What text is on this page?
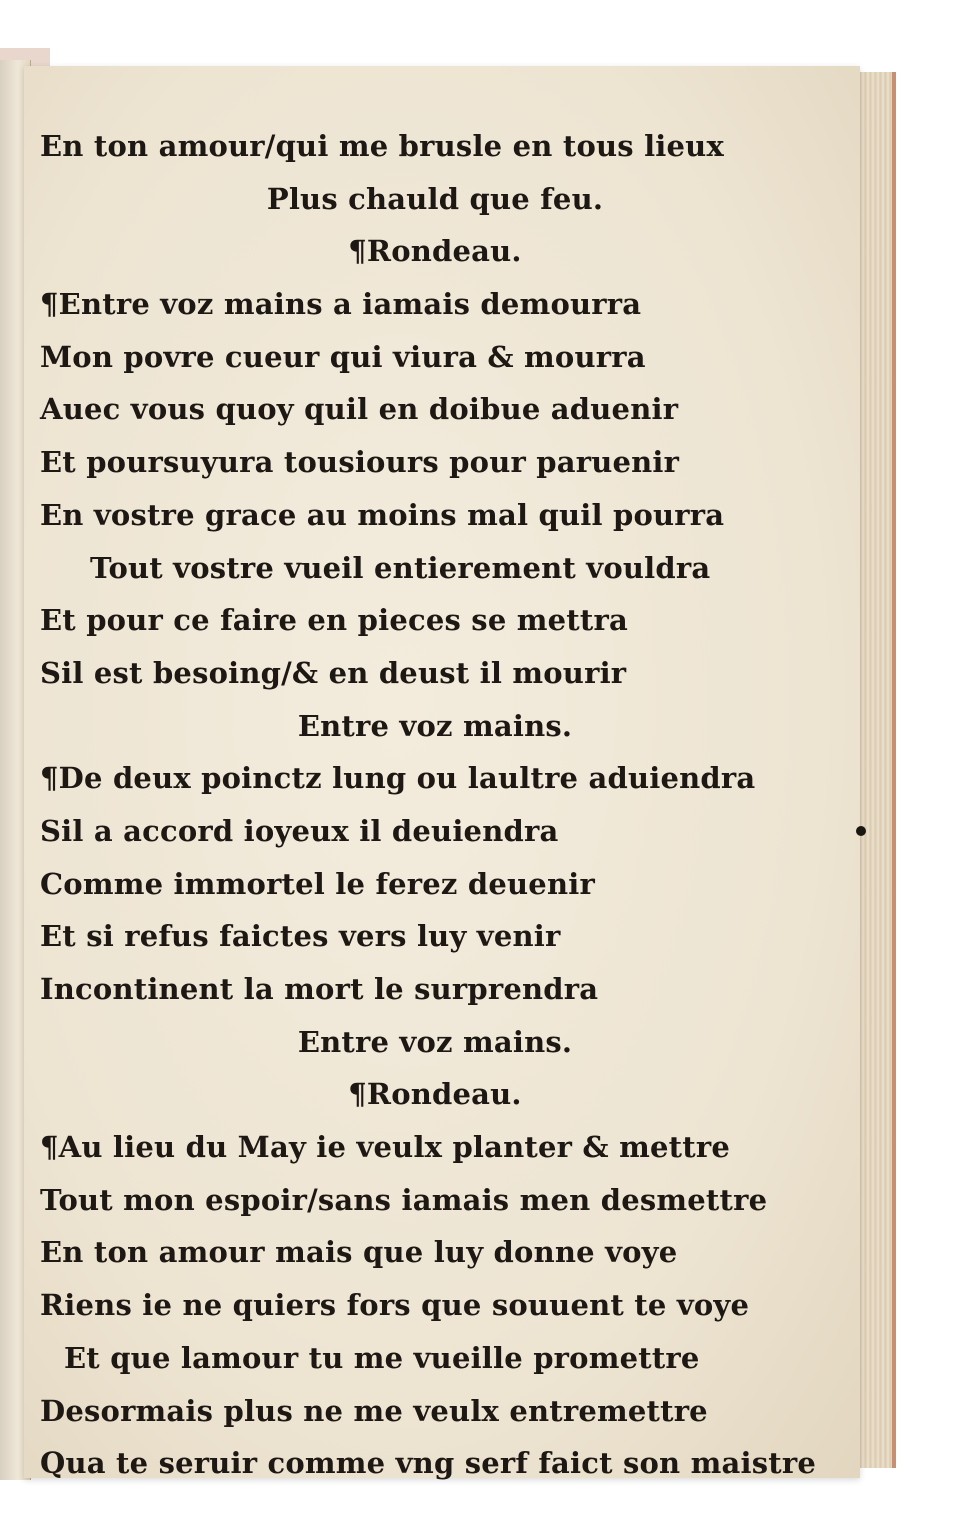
En ton amour/qui me brusle en tous lieux
Plus chauld que feu.
¶Rondeau.
¶Entre voz mains a iamais demourra
Mon povre cueur qui viura & mourra
Auec vous quoy quil en doibue aduenir
Et poursuyura tousiours pour paruenir
En vostre grace au moins mal quil pourra
Tout vostre vueil entierement vouldra
Et pour ce faire en pieces se mettra
Sil est besoing/& en deust il mourir
Entre voz mains.
¶De deux poinctz lung ou laultre aduiendra
Sil a accord ioyeux il deuiendra
Comme immortel le ferez deuenir
Et si refus faictes vers luy venir
Incontinent la mort le surprendra
Entre voz mains.
¶Rondeau.
¶Au lieu du May ie veulx planter & mettre
Tout mon espoir/sans iamais men desmettre
En ton amour mais que luy donne voye
Riens ie ne quiers fors que souuent te voye
Et que lamour tu me vueille promettre
Desormais plus ne me veulx entremettre
Qua te seruir comme vng serf faict son maistre
